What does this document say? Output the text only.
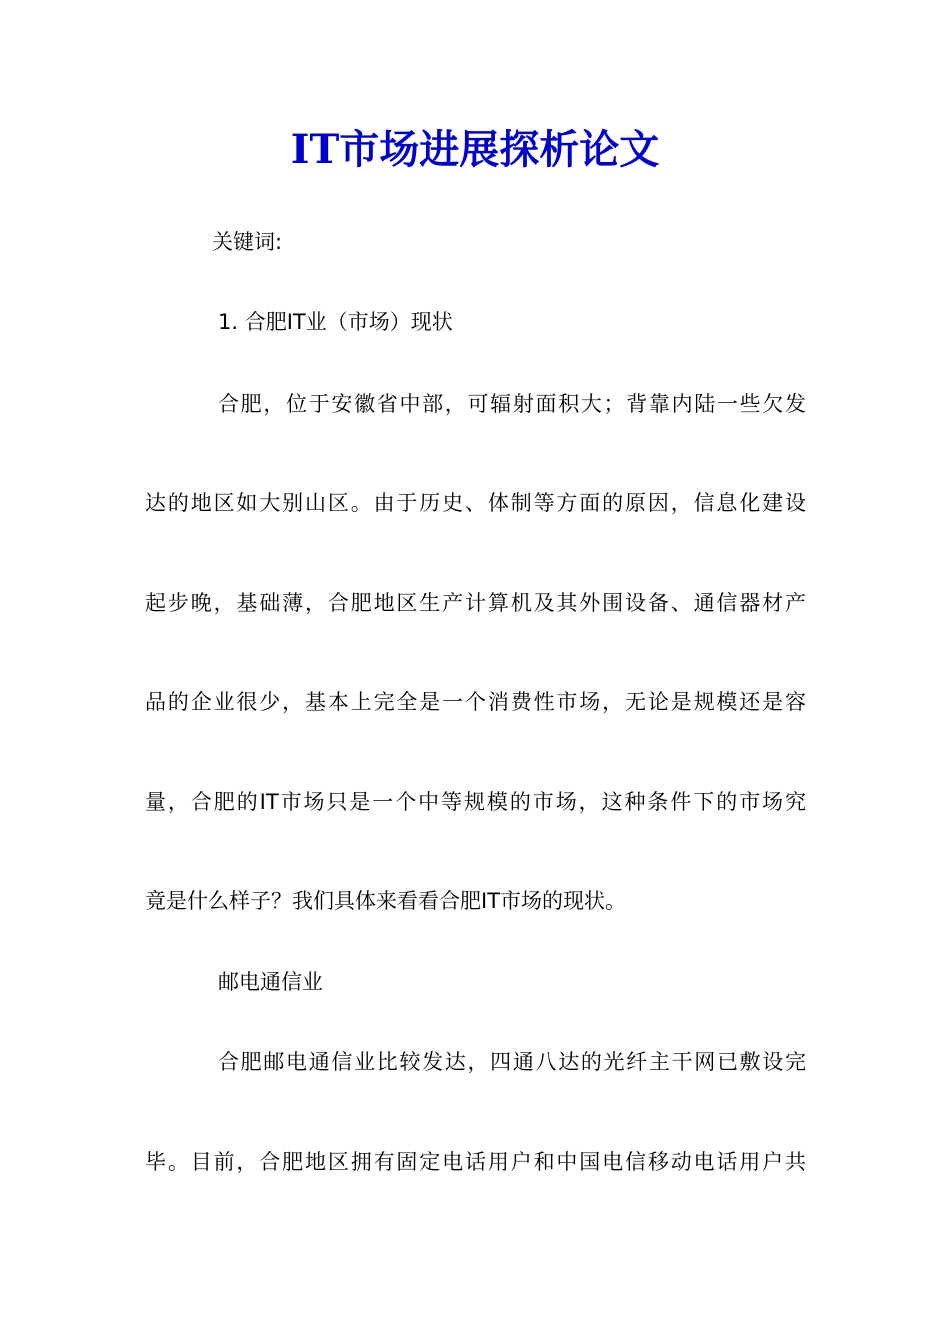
IT市场进展探析论文
关键词:
1. 合肥IT业（市场）现状
合肥，位于安徽省中部，可辐射面积大；背靠内陆一些欠发
达的地区如大别山区。由于历史、体制等方面的原因，信息化建设
起步晚，基础薄，合肥地区生产计算机及其外围设备、通信器材产
品的企业很少，基本上完全是一个消费性市场，无论是规模还是容
量，合肥的IT市场只是一个中等规模的市场，这种条件下的市场究
竟是什么样子？我们具体来看看合肥IT市场的现状。
邮电通信业
合肥邮电通信业比较发达，四通八达的光纤主干网已敷设完
毕。目前，合肥地区拥有固定电话用户和中国电信移动电话用户共
